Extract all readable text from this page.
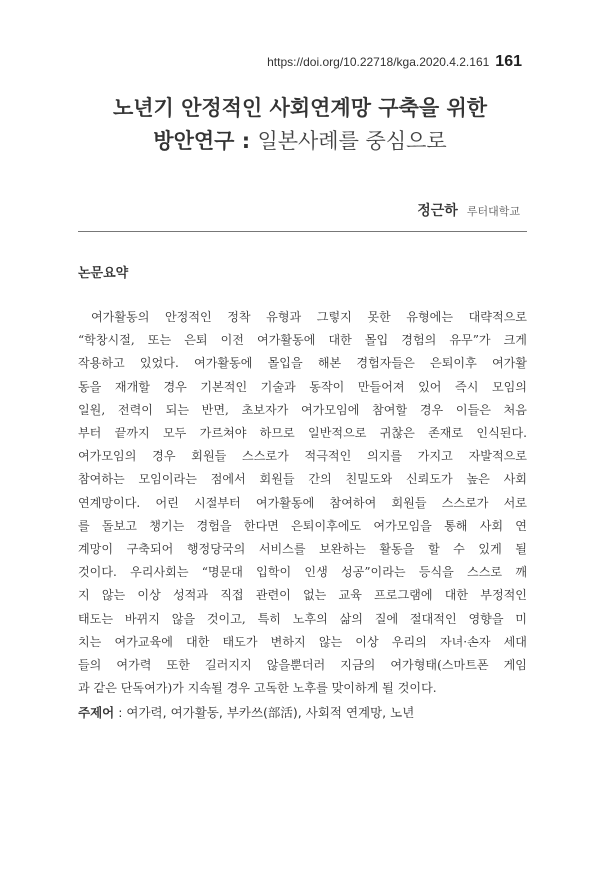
https://doi.org/10.22718/kga.2020.4.2.161 161
노년기 안정적인 사회연계망 구축을 위한
방안연구 : 일본사례를 중심으로
정근하 루터대학교
논문요약
여가활동의 안정적인 정착 유형과 그렇지 못한 유형에는 대략적으로
“학창시절, 또는 은퇴 이전 여가활동에 대한 몰입 경험의 유무”가 크게
작용하고 있었다. 여가활동에 몰입을 해본 경험자들은 은퇴이후 여가활
동을 재개할 경우 기본적인 기술과 동작이 만들어져 있어 즉시 모임의
일원, 전력이 되는 반면, 초보자가 여가모임에 참여할 경우 이들은 처음
부터 끝까지 모두 가르쳐야 하므로 일반적으로 귀찮은 존재로 인식된다.
여가모임의 경우 회원들 스스로가 적극적인 의지를 가지고 자발적으로
참여하는 모임이라는 점에서 회원들 간의 친밀도와 신뢰도가 높은 사회
연계망이다. 어린 시절부터 여가활동에 참여하여 회원들 스스로가 서로
를 돌보고 챙기는 경험을 한다면 은퇴이후에도 여가모임을 통해 사회 연
계망이 구축되어 행정당국의 서비스를 보완하는 활동을 할 수 있게 될
것이다. 우리사회는 “명문대 입학이 인생 성공”이라는 등식을 스스로 깨
지 않는 이상 성적과 직접 관련이 없는 교육 프로그램에 대한 부정적인
태도는 바뀌지 않을 것이고, 특히 노후의 삶의 질에 절대적인 영향을 미
치는 여가교육에 대한 태도가 변하지 않는 이상 우리의 자녀·손자 세대
들의 여가력 또한 길러지지 않을뿐더러 지금의 여가형태(스마트폰 게임
과 같은 단독여가)가 지속될 경우 고독한 노후를 맞이하게 될 것이다.
주제어 : 여가력, 여가활동, 부카쓰(部活), 사회적 연계망, 노년
